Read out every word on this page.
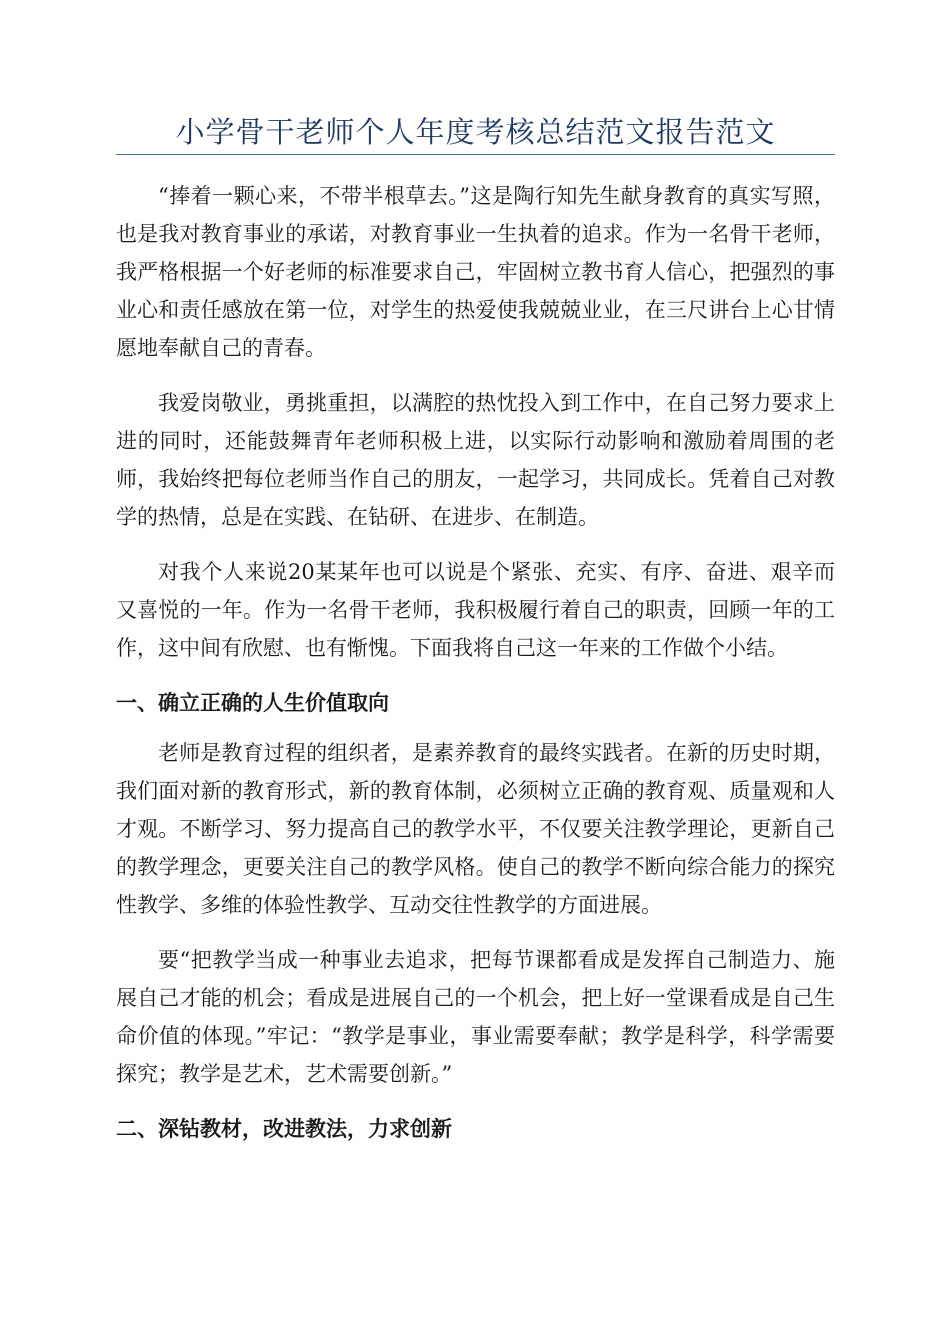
小学骨干老师个人年度考核总结范文报告范文

“捧着一颗心来，不带半根草去。”这是陶行知先生献身教育的真实写照，也是我对教育事业的承诺，对教育事业一生执着的追求。作为一名骨干老师，我严格根据一个好老师的标准要求自己，牢固树立教书育人信心，把强烈的事业心和责任感放在第一位，对学生的热爱使我兢兢业业，在三尺讲台上心甘情愿地奉献自己的青春。

我爱岗敬业，勇挑重担，以满腔的热忱投入到工作中，在自己努力要求上进的同时，还能鼓舞青年老师积极上进，以实际行动影响和激励着周围的老师，我始终把每位老师当作自己的朋友，一起学习，共同成长。凭着自己对教学的热情，总是在实践、在钻研、在进步、在制造。

对我个人来说20某某年也可以说是个紧张、充实、有序、奋进、艰辛而又喜悦的一年。作为一名骨干老师，我积极履行着自己的职责，回顾一年的工作，这中间有欣慰、也有惭愧。下面我将自己这一年来的工作做个小结。

一、确立正确的人生价值取向

老师是教育过程的组织者，是素养教育的最终实践者。在新的历史时期，我们面对新的教育形式，新的教育体制，必须树立正确的教育观、质量观和人才观。不断学习、努力提高自己的教学水平，不仅要关注教学理论，更新自己的教学理念，更要关注自己的教学风格。使自己的教学不断向综合能力的探究性教学、多维的体验性教学、互动交往性教学的方面进展。

要“把教学当成一种事业去追求，把每节课都看成是发挥自己制造力、施展自己才能的机会；看成是进展自己的一个机会，把上好一堂课看成是自己生命价值的体现。”牢记：“教学是事业，事业需要奉献；教学是科学，科学需要探究；教学是艺术，艺术需要创新。”

二、深钻教材，改进教法，力求创新
